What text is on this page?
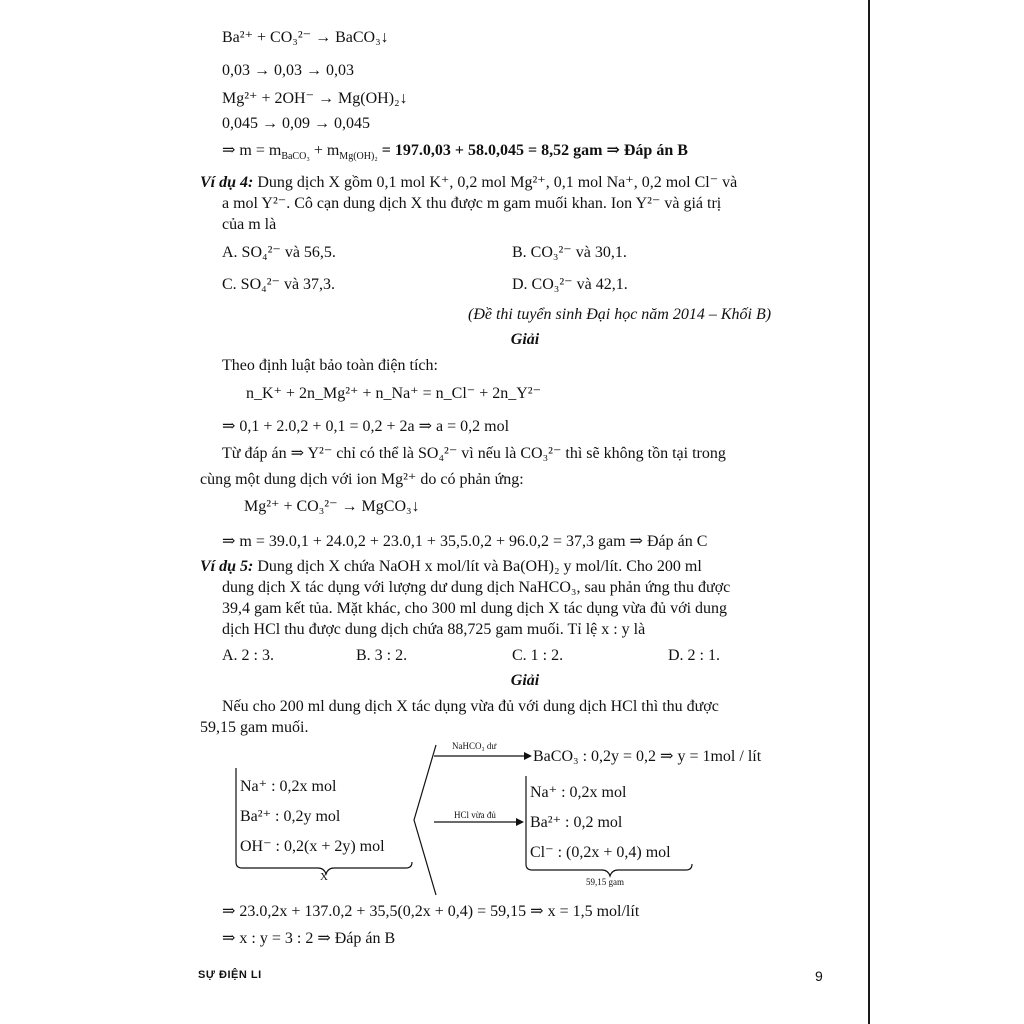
Ba²⁺ + CO₃²⁻ → BaCO₃↓
0,03 → 0,03 → 0,03
Mg²⁺ + 2OH⁻ → Mg(OH)₂↓
0,045 → 0,09 → 0,045
⇒ $m = m_{BaCO_3} + m_{Mg(OH)_2} = 197.0,03 + 58.0,045 = 8,52$ gam ⇒ Đáp án B
Ví dụ 4: Dung dịch X gồm 0,1 mol K⁺, 0,2 mol Mg²⁺, 0,1 mol Na⁺, 0,2 mol Cl⁻ và
a mol Y²⁻. Cô cạn dung dịch X thu được m gam muối khan. Ion Y²⁻ và giá trị
của m là
A. SO₄²⁻ và 56,5.	B. CO₃²⁻ và 30,1.
C. SO₄²⁻ và 37,3.	D. CO₃²⁻ và 42,1.
(Đề thi tuyển sinh Đại học năm 2014 – Khối B)
Giải
Theo định luật bảo toàn điện tích:
n_K⁺ + 2n_Mg²⁺ + n_Na⁺ = n_Cl⁻ + 2n_Y²⁻
⇒ 0,1 + 2.0,2 + 0,1 = 0,2 + 2a ⇒ a = 0,2 mol
Từ đáp án ⇒ Y²⁻ chỉ có thể là SO₄²⁻ vì nếu là CO₃²⁻ thì sẽ không tồn tại trong
cùng một dung dịch với ion Mg²⁺ do có phản ứng:
Mg²⁺ + CO₃²⁻ → MgCO₃↓
⇒ m = 39.0,1 + 24.0,2 + 23.0,1 + 35,5.0,2 + 96.0,2 = 37,3 gam ⇒ Đáp án C
Ví dụ 5: Dung dịch X chứa NaOH x mol/lít và Ba(OH)₂ y mol/lít. Cho 200 ml
dung dịch X tác dụng với lượng dư dung dịch NaHCO₃, sau phản ứng thu được
39,4 gam kết tủa. Mặt khác, cho 300 ml dung dịch X tác dụng vừa đủ với dung
dịch HCl thu được dung dịch chứa 88,725 gam muối. Tỉ lệ x : y là
A. 2 : 3.	B. 3 : 2.	C. 1 : 2.	D. 2 : 1.
Giải
Nếu cho 200 ml dung dịch X tác dụng vừa đủ với dung dịch HCl thì thu được
59,15 gam muối.
NaHCO₃ dư
BaCO₃ : 0,2y = 0,2 ⇒ y = 1mol / lít
HCl vừa đủ
Na⁺ : 0,2x mol
Ba²⁺ : 0,2y mol
OH⁻ : 0,2(x + 2y) mol
X
Na⁺ : 0,2x mol
Ba²⁺ : 0,2 mol
Cl⁻ : (0,2x + 0,4) mol
59,15 gam
⇒ 23.0,2x + 137.0,2 + 35,5(0,2x + 0,4) = 59,15 ⇒ x = 1,5 mol/lít
⇒ x : y = 3 : 2 ⇒ Đáp án B
SỰ ĐIỆN LI	9
